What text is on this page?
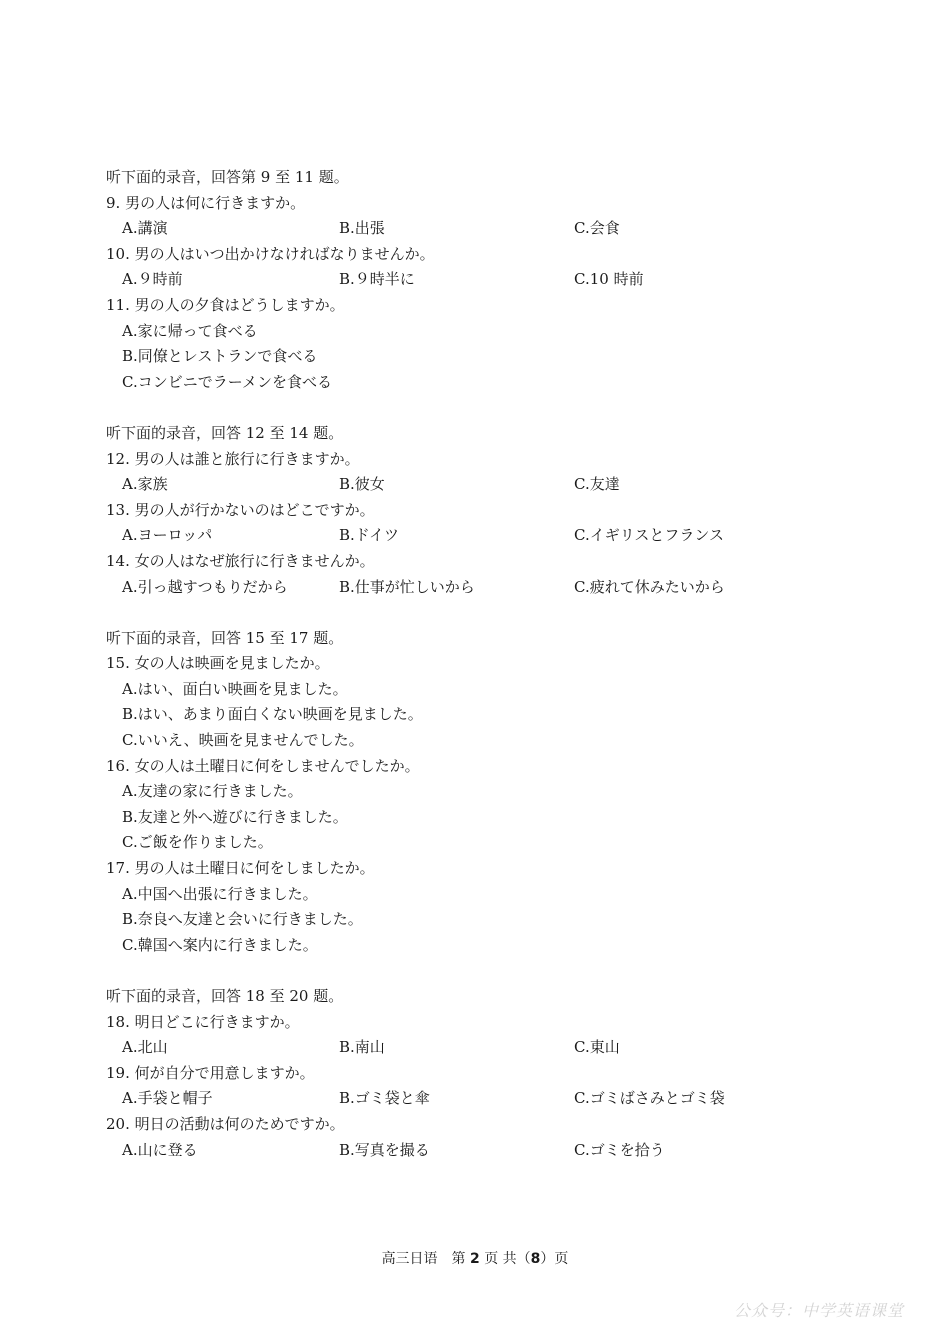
听下面的录音，回答第 9 至 11 题。
9. 男の人は何に行きますか。
A.講演	B.出張	C.会食
10. 男の人はいつ出かけなければなりませんか。
A.９時前	B.９時半に	C.10 時前
11. 男の人の夕食はどうしますか。
A.家に帰って食べる
B.同僚とレストランで食べる
C.コンビニでラーメンを食べる
听下面的录音，回答 12 至 14 题。
12. 男の人は誰と旅行に行きますか。
A.家族	B.彼女	C.友達
13. 男の人が行かないのはどこですか。
A.ヨーロッパ	B.ドイツ	C.イギリスとフランス
14. 女の人はなぜ旅行に行きませんか。
A.引っ越すつもりだから	B.仕事が忙しいから	C.疲れて休みたいから
听下面的录音，回答 15 至 17 题。
15. 女の人は映画を見ましたか。
A.はい、面白い映画を見ました。
B.はい、あまり面白くない映画を見ました。
C.いいえ、映画を見ませんでした。
16. 女の人は土曜日に何をしませんでしたか。
A.友達の家に行きました。
B.友達と外へ遊びに行きました。
C.ご飯を作りました。
17. 男の人は土曜日に何をしましたか。
A.中国へ出張に行きました。
B.奈良へ友達と会いに行きました。
C.韓国へ案内に行きました。
听下面的录音，回答 18 至 20 题。
18. 明日どこに行きますか。
A.北山	B.南山	C.東山
19. 何が自分で用意しますか。
A.手袋と帽子	B.ゴミ袋と傘	C.ゴミばさみとゴミ袋
20. 明日の活動は何のためですか。
A.山に登る	B.写真を撮る	C.ゴミを拾う
高三日语　第 2 页 共（8）页
公众号：中学英语课堂
